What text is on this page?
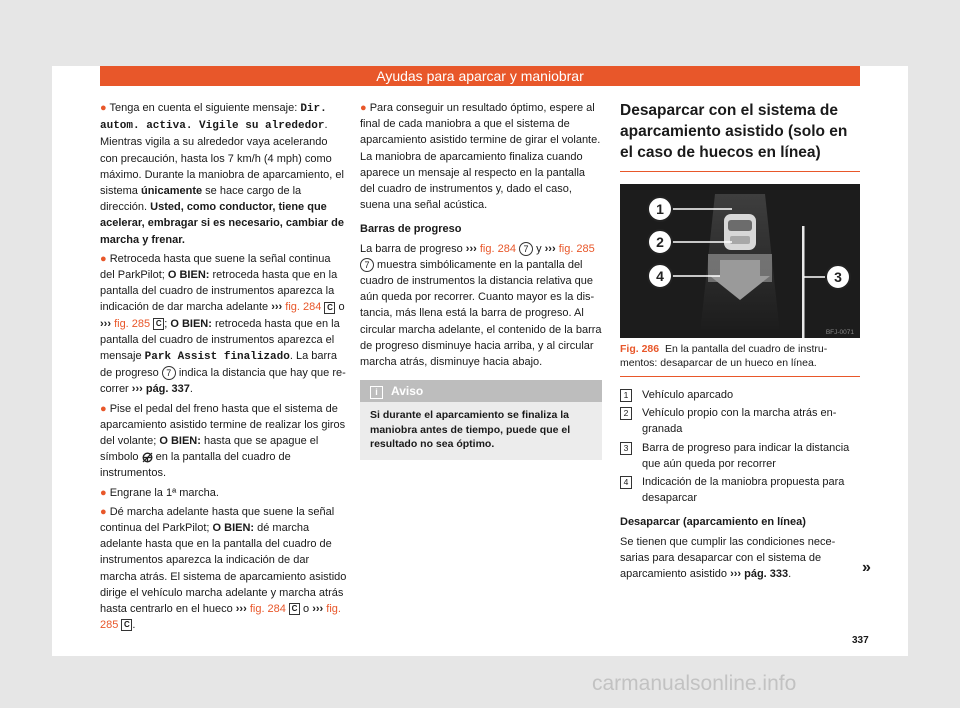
Ayudas para aparcar y maniobrar

● Tenga en cuenta el siguiente mensaje: Dir. autom. activa. Vigile su alrededor. Mientras vigila a su alrededor vaya acelerando con precaución, hasta los 7 km/h (4 mph) como máximo. Durante la maniobra de aparcamiento, el sistema únicamente se hace cargo de la dirección. Usted, como conductor, tiene que acelerar, embragar si es necesario, cambiar de marcha y frenar.

● Retroceda hasta que suene la señal continua del ParkPilot; O BIEN: retroceda hasta que en la pantalla del cuadro de instrumentos aparezca la indicación de dar marcha adelante ››› fig. 284 C o ››› fig. 285 C ; O BIEN: retroceda hasta que en la pantalla del cuadro de instrumentos aparezca el mensaje Park Assist finalizado. La barra de progreso 7 indica la distancia que hay que recorrer ››› pág. 337.

● Pise el pedal del freno hasta que el sistema de aparcamiento asistido termine de realizar los giros del volante; O BIEN: hasta que se apague el símbolo  en la pantalla del cuadro de instrumentos.

● Engrane la 1ª marcha.

● Dé marcha adelante hasta que suene la señal continua del ParkPilot; O BIEN: dé marcha adelante hasta que en la pantalla del cuadro de instrumentos aparezca la indicación de dar marcha atrás. El sistema de aparcamiento asistido dirige el vehículo marcha adelante y marcha atrás hasta centrarlo en el hueco ››› fig. 284 C o ››› fig. 285 C .

● Para conseguir un resultado óptimo, espere al final de cada maniobra a que el sistema de aparcamiento asistido termine de girar el volante. La maniobra de aparcamiento finaliza cuando aparece un mensaje al respecto en la pantalla del cuadro de instrumentos y, dado el caso, suena una señal acústica.

Barras de progreso

La barra de progreso ››› fig. 284 7 y ››› fig. 285 7 muestra simbólicamente en la pantalla del cuadro de instrumentos la distancia relativa que aún queda por recorrer. Cuanto mayor es la distancia, más llena está la barra de progreso. Al circular marcha adelante, el contenido de la barra de progreso disminuye hacia arriba, y al circular marcha atrás, disminuye hacia abajo.

i Aviso
Si durante el aparcamiento se finaliza la maniobra antes de tiempo, puede que el resultado no sea óptimo.
Desaparcar con el sistema de aparcamiento asistido (solo en el caso de huecos en línea)
1
2
4	3
BFJ-0071
Fig. 286 En la pantalla del cuadro de instrumentos: desaparcar de un hueco en línea.
1	Vehículo aparcado
2	Vehículo propio con la marcha atrás engranada
3	Barra de progreso para indicar la distancia que aún queda por recorrer
4	Indicación de la maniobra propuesta para desaparcar

Desaparcar (aparcamiento en línea)

Se tienen que cumplir las condiciones necesarias para desaparcar con el sistema de aparcamiento asistido ››› pág. 333.	»
337
carmanualsonline.info
